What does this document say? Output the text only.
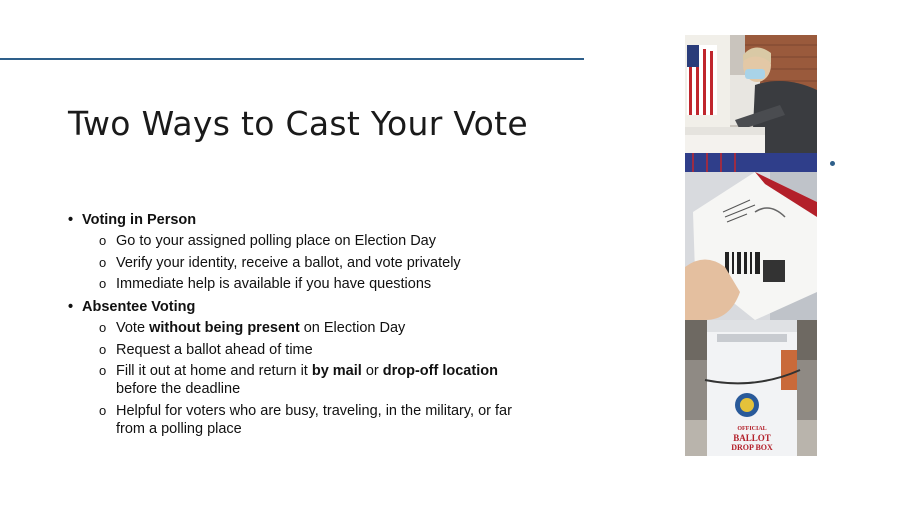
Two Ways to Cast Your Vote
• Voting in Person
o Go to your assigned polling place on Election Day
o Verify your identity, receive a ballot, and vote privately
o Immediate help is available if you have questions
• Absentee Voting
o Vote without being present on Election Day
o Request a ballot ahead of time
o Fill it out at home and return it by mail or drop-off location before the deadline
o Helpful for voters who are busy, traveling, in the military, or far from a polling place	OFFICIAL
BALLOT
DROP BOX
